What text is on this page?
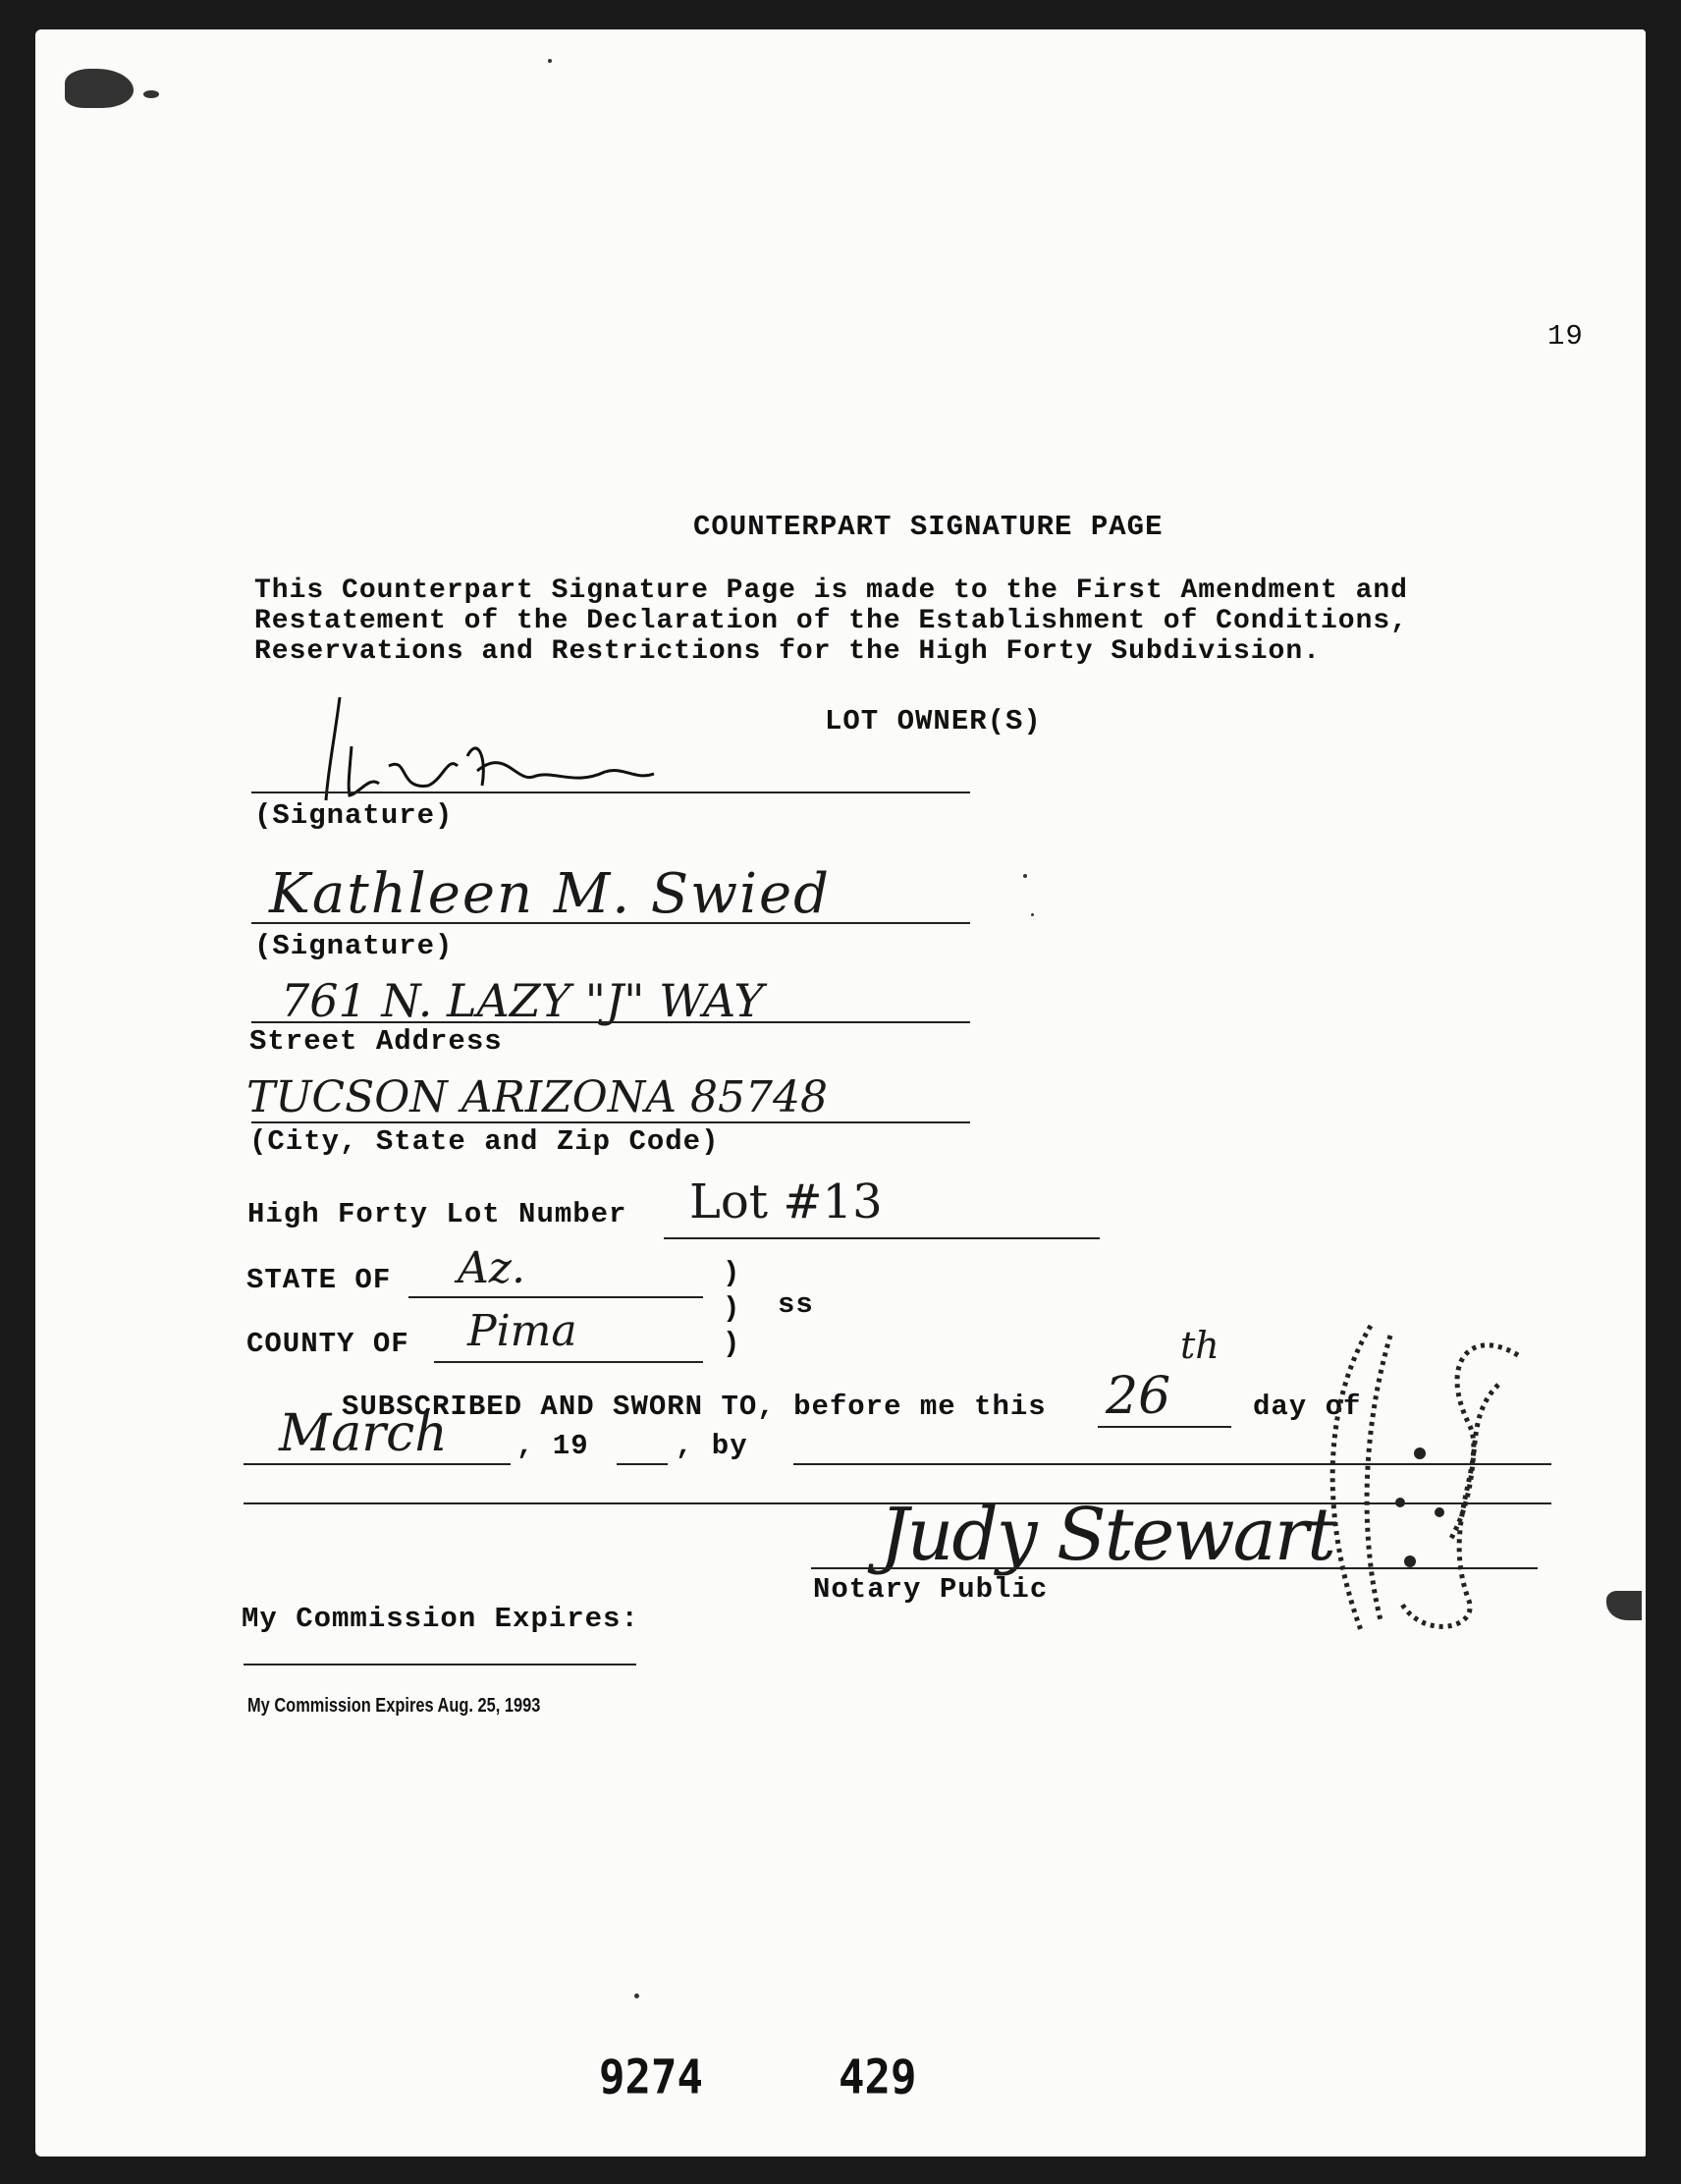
19
COUNTERPART SIGNATURE PAGE
This Counterpart Signature Page is made to the First Amendment and
Restatement of the Declaration of the Establishment of Conditions,
Reservations and Restrictions for the High Forty Subdivision.
LOT OWNER(S)
(Signature)
Kathleen M. Swied
(Signature)
761 N. LAZY "J" WAY
Street Address
TUCSON ARIZONA 85748
(City, State and Zip Code)
High Forty Lot Number Lot #13
STATE OF Az.	)
) ss
COUNTY OF Pima	)
SUBSCRIBED AND SWORN TO, before me this 26
th
day of
March , 19	, by
Judy Stewart
Notary Public
My Commission Expires:
My Commission Expires Aug. 25, 1993
9274	429
